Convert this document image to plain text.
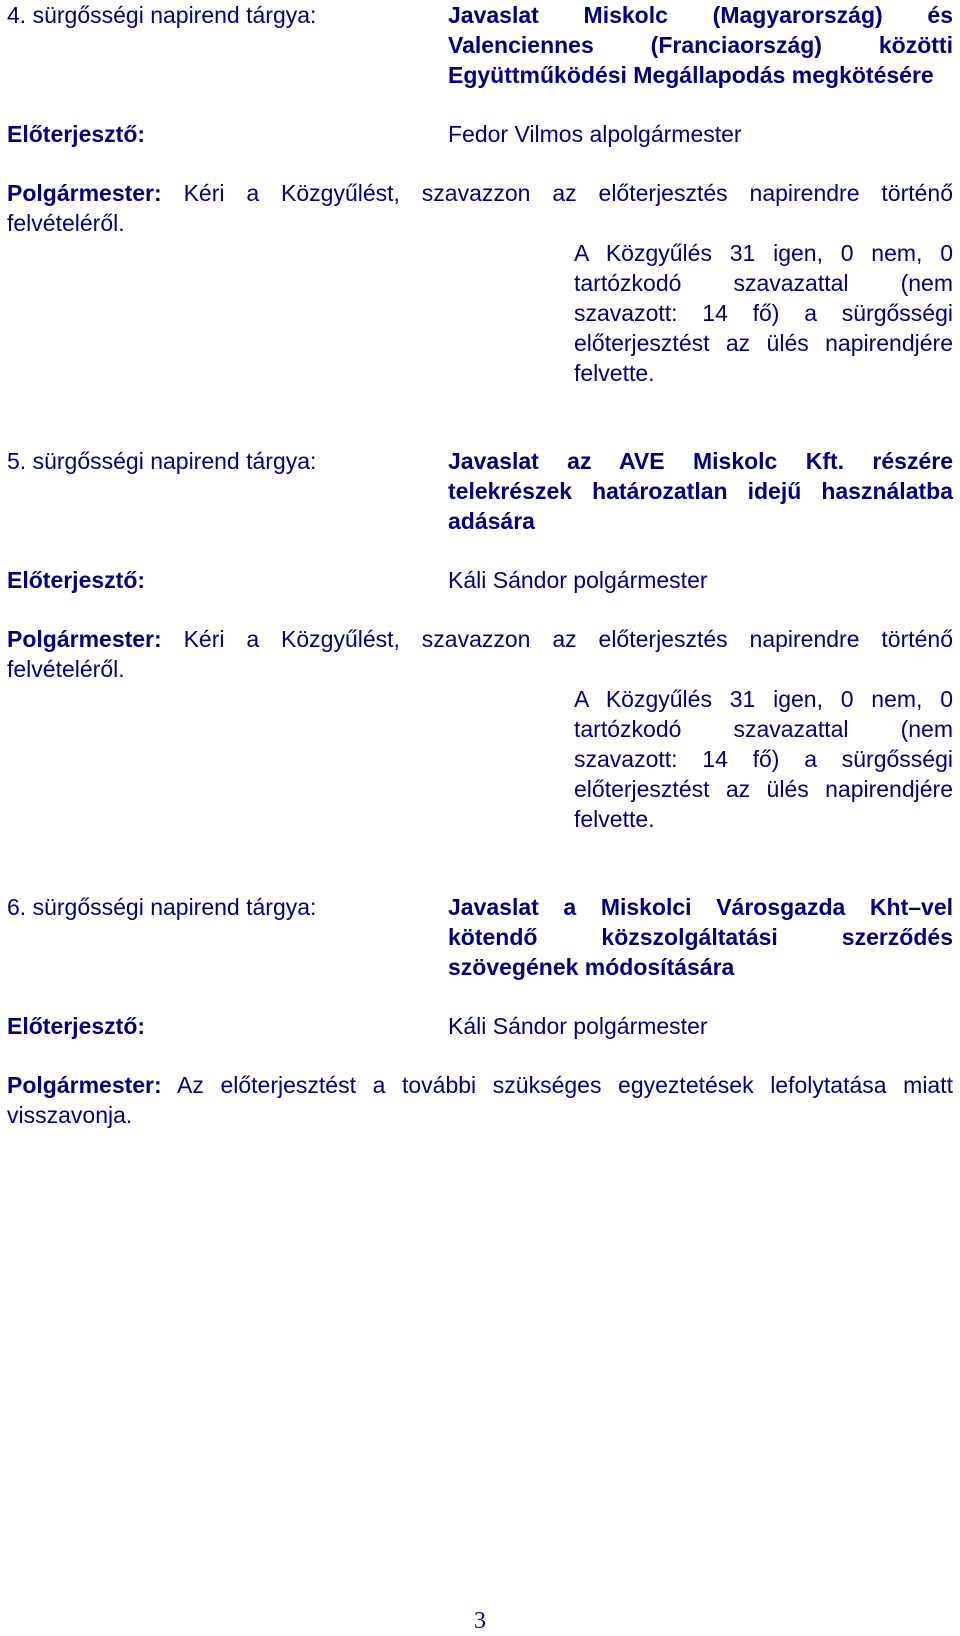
4. sürgősségi napirend tárgya:	Javaslat Miskolc (Magyarország) és Valenciennes (Franciaország) közötti Együttműködési Megállapodás megkötésére
Előterjesztő:	Fedor Vilmos alpolgármester
Polgármester: Kéri a Közgyűlést, szavazzon az előterjesztés napirendre történő felvételéről.
A Közgyűlés 31 igen, 0 nem, 0 tartózkodó szavazattal (nem szavazott: 14 fő) a sürgősségi előterjesztést az ülés napirendjére felvette.
5. sürgősségi napirend tárgya:	Javaslat az AVE Miskolc Kft. részére telekrészek határozatlan idejű használatba adására
Előterjesztő:	Káli Sándor polgármester
Polgármester: Kéri a Közgyűlést, szavazzon az előterjesztés napirendre történő felvételéről.
A Közgyűlés 31 igen, 0 nem, 0 tartózkodó szavazattal (nem szavazott: 14 fő) a sürgősségi előterjesztést az ülés napirendjére felvette.
6. sürgősségi napirend tárgya:	Javaslat a Miskolci Városgazda Kht–vel kötendő közszolgáltatási szerződés szövegének módosítására
Előterjesztő:	Káli Sándor polgármester
Polgármester: Az előterjesztést a további szükséges egyeztetések lefolytatása miatt visszavonja.
3
